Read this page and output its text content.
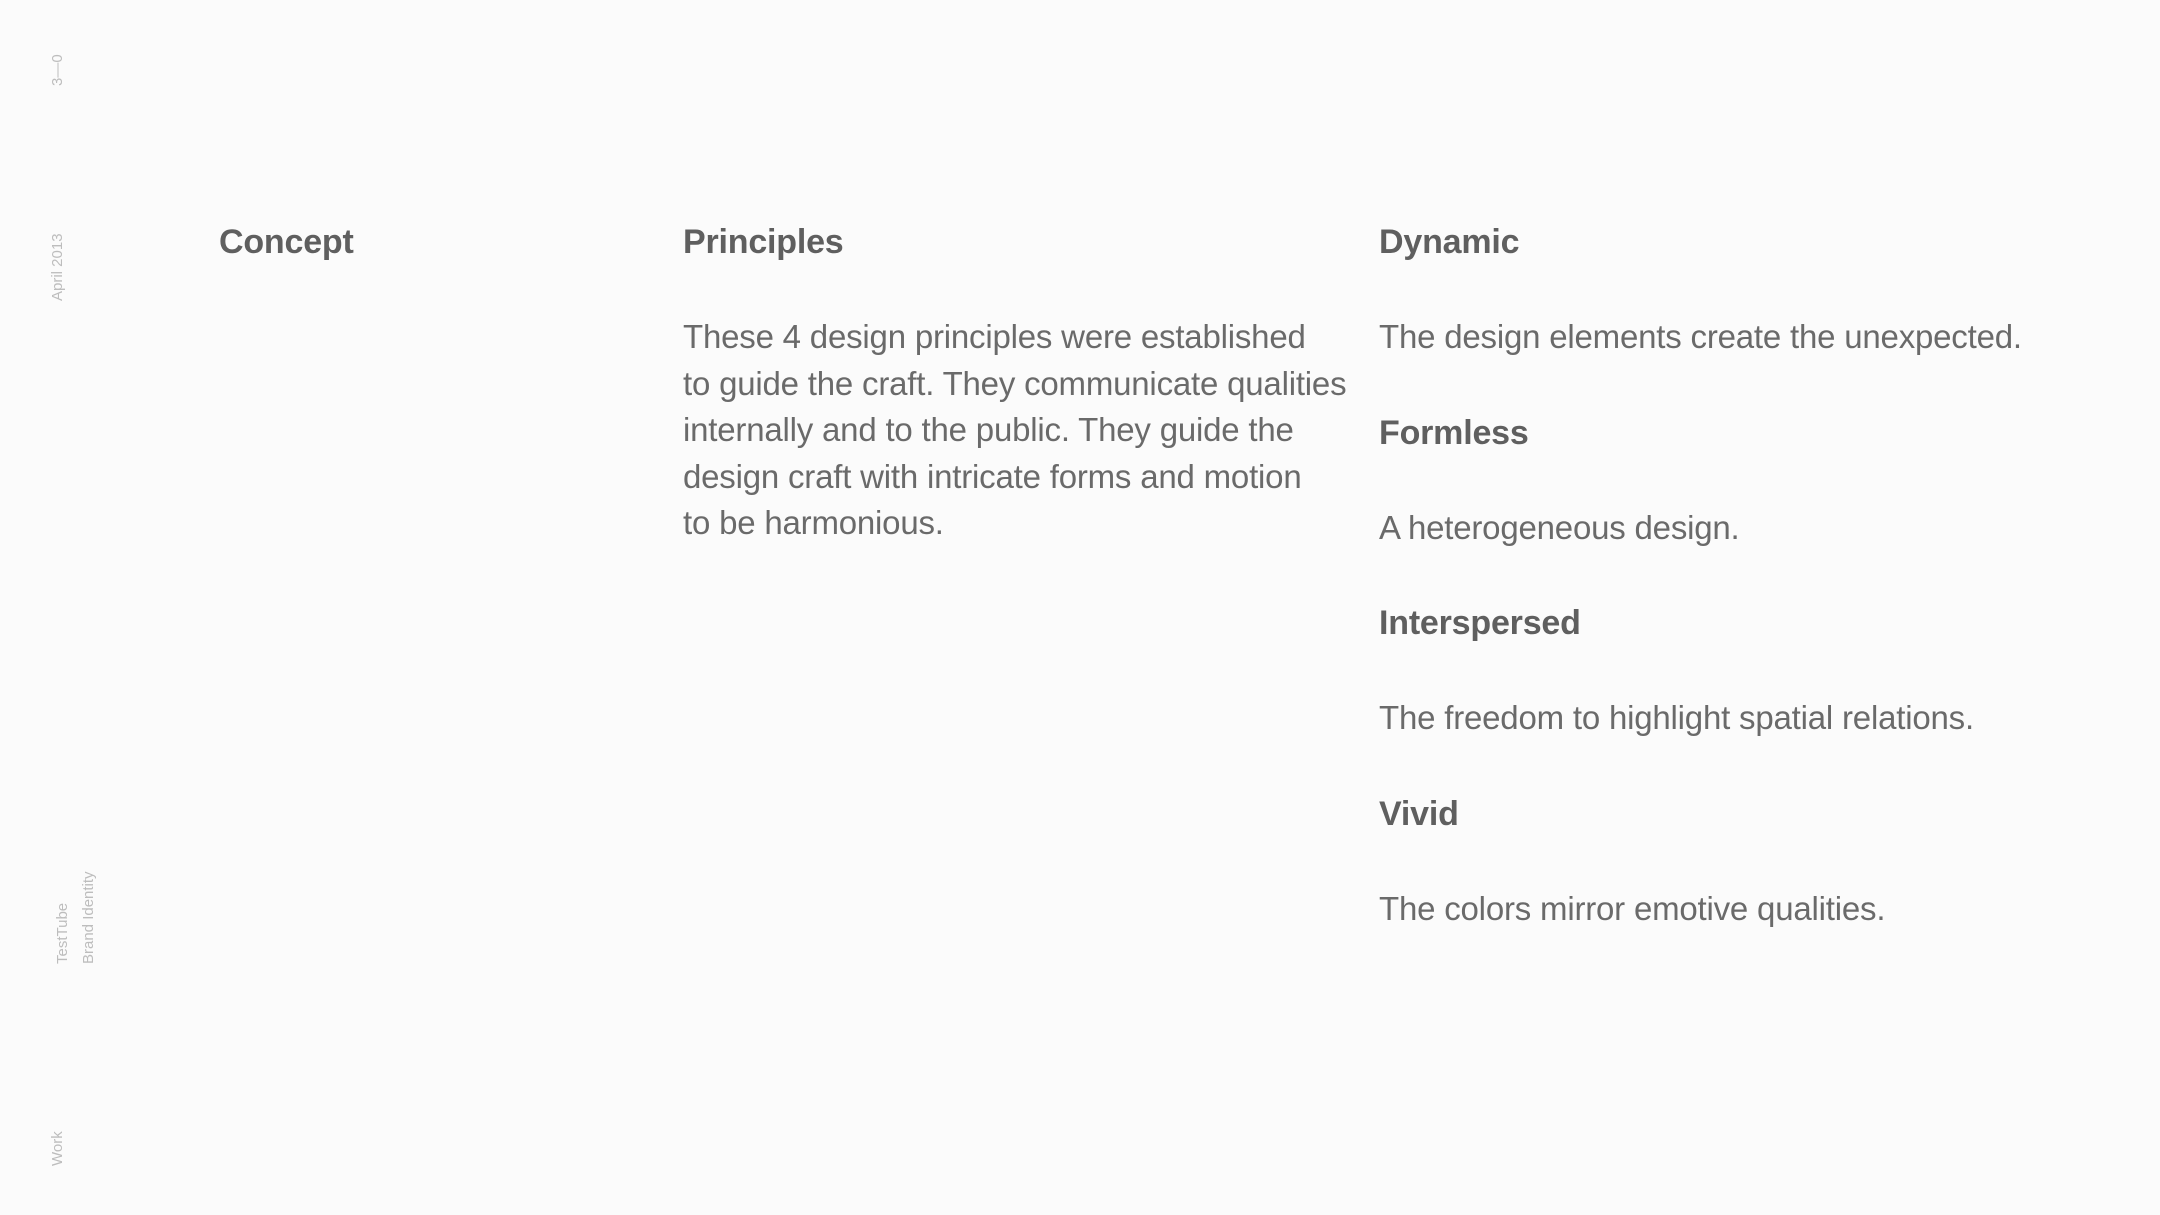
3—0
April 2013
TestTube Brand Identity
Work
Concept	Principles

These 4 design principles were established
to guide the craft. They communicate qualities
internally and to the public. They guide the
design craft with intricate forms and motion
to be harmonious.

Dynamic

The design elements create the unexpected.

Formless

A heterogeneous design.

Interspersed

The freedom to highlight spatial relations.

Vivid

The colors mirror emotive qualities.
